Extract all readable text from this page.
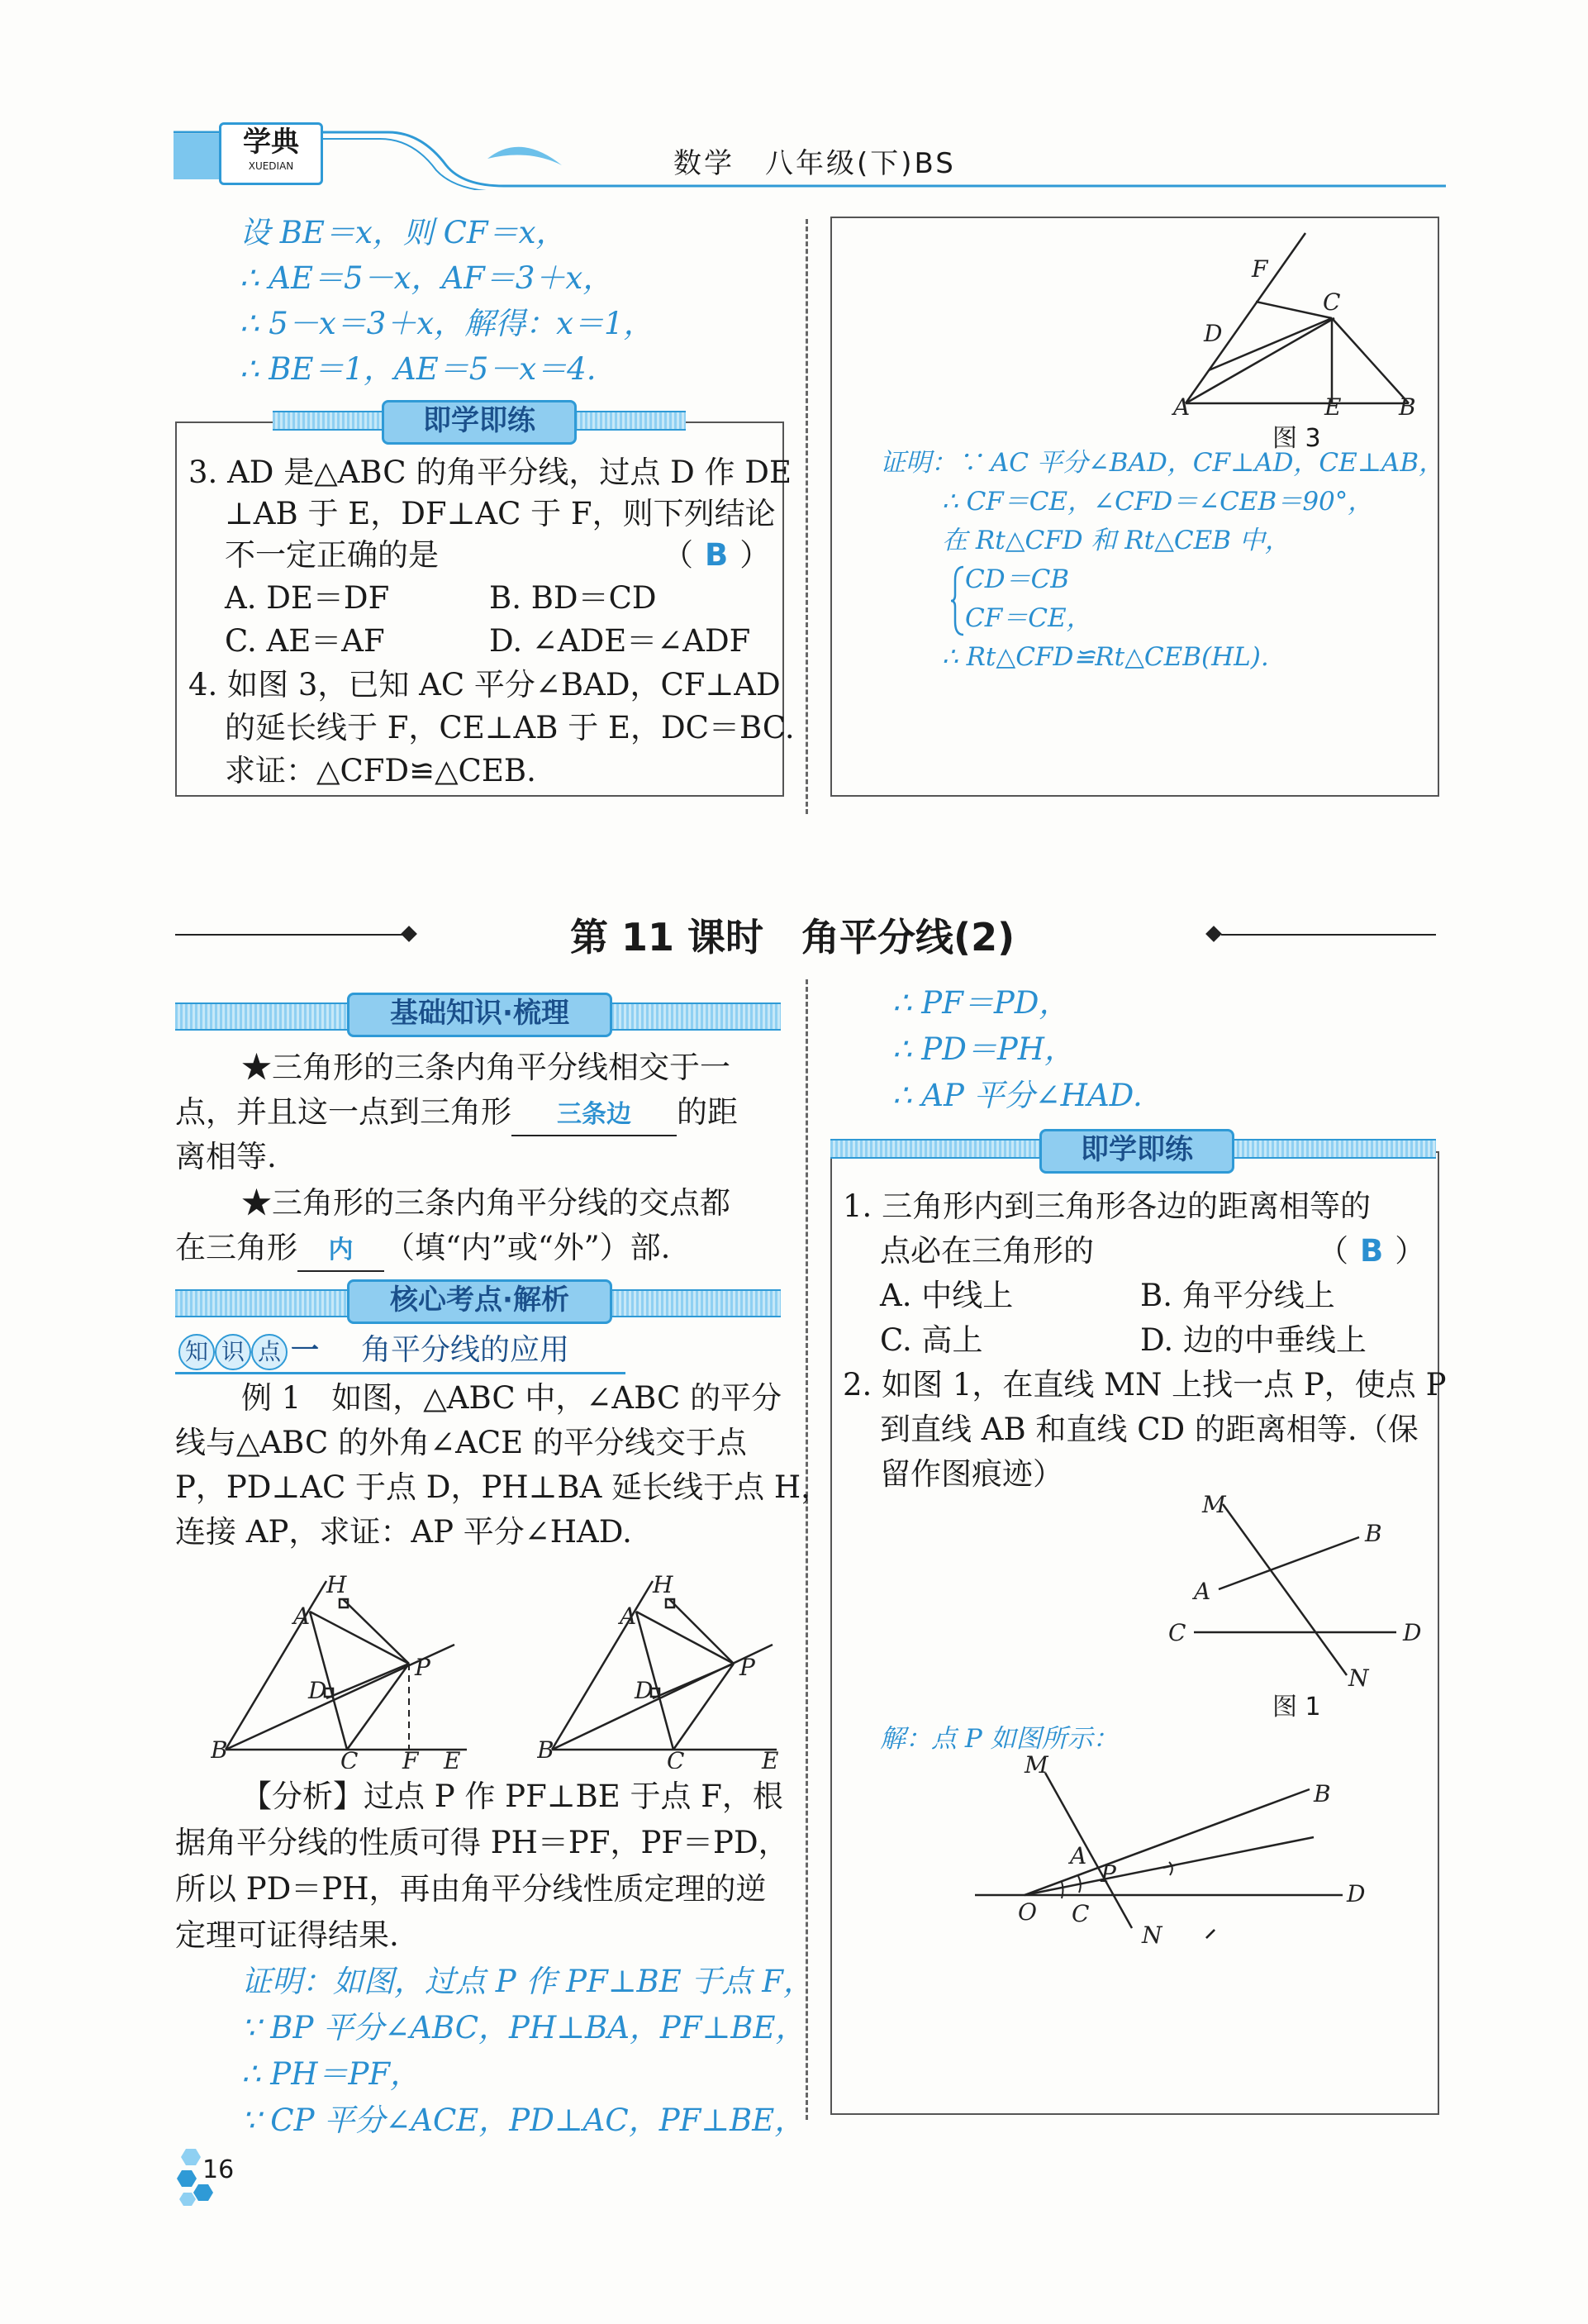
学典
XUEDIAN	数学　八年级(下)BS
设 BE＝x，则 CF＝x，
∴ AE＝5－x，AF＝3＋x，
∴ 5－x＝3＋x，解得：x＝1，
∴ BE＝1，AE＝5－x＝4.
即学即练
3. AD 是△ABC 的角平分线，过点 D 作 DE
⊥AB 于 E，DF⊥AC 于 F，则下列结论
不一定正确的是	（ B ）
A. DE＝DF	B. BD＝CD
C. AE＝AF	D. ∠ADE＝∠ADF
4. 如图 3，已知 AC 平分∠BAD，CF⊥AD
的延长线于 F，CE⊥AB 于 E，DC＝BC.
求证：△CFD≌△CEB.
F
C
D
A	E B
图 3
证明：∵ AC 平分∠BAD，CF⊥AD，CE⊥AB，
∴ CF＝CE，∠CFD＝∠CEB＝90°，
在 Rt△CFD 和 Rt△CEB 中，
CD＝CB
CF＝CE，
∴ Rt△CFD≌Rt△CEB(HL).
第 11 课时　角平分线(2)
基础知识·梳理
★三角形的三条内角平分线相交于一
点，并且这一点到三角形 三条边 的距
离相等.
★三角形的三条内角平分线的交点都
在三角形 内 （填“内”或“外”）部.
核心考点·解析
知 识 点 一 角平分线的应用
例 1　如图，△ABC 中，∠ABC 的平分
线与△ABC 的外角∠ACE 的平分线交于点
P，PD⊥AC 于点 D，PH⊥BA 延长线于点 H，
连接 AP，求证：AP 平分∠HAD.
H
A
D
P
B	C F E
H
A
D
P
B	C	E
【分析】过点 P 作 PF⊥BE 于点 F，根
据角平分线的性质可得 PH＝PF，PF＝PD，
所以 PD＝PH，再由角平分线性质定理的逆
定理可证得结果.
证明：如图，过点 P 作 PF⊥BE 于点 F，
∵ BP 平分∠ABC，PH⊥BA，PF⊥BE，
∴ PH＝PF，
∵ CP 平分∠ACE，PD⊥AC，PF⊥BE，
∴ PF＝PD，
∴ PD＝PH，
∴ AP 平分∠HAD.
即学即练
1. 三角形内到三角形各边的距离相等的
点必在三角形的	（ B ）
A. 中线上	B. 角平分线上
C. 高上	D. 边的中垂线上
2. 如图 1，在直线 MN 上找一点 P，使点 P
到直线 AB 和直线 CD 的距离相等.（保
留作图痕迹）
M
B
A
C	D
N
图 1
解：点 P 如图所示：
M
B
A
P
O C
D
N
16
